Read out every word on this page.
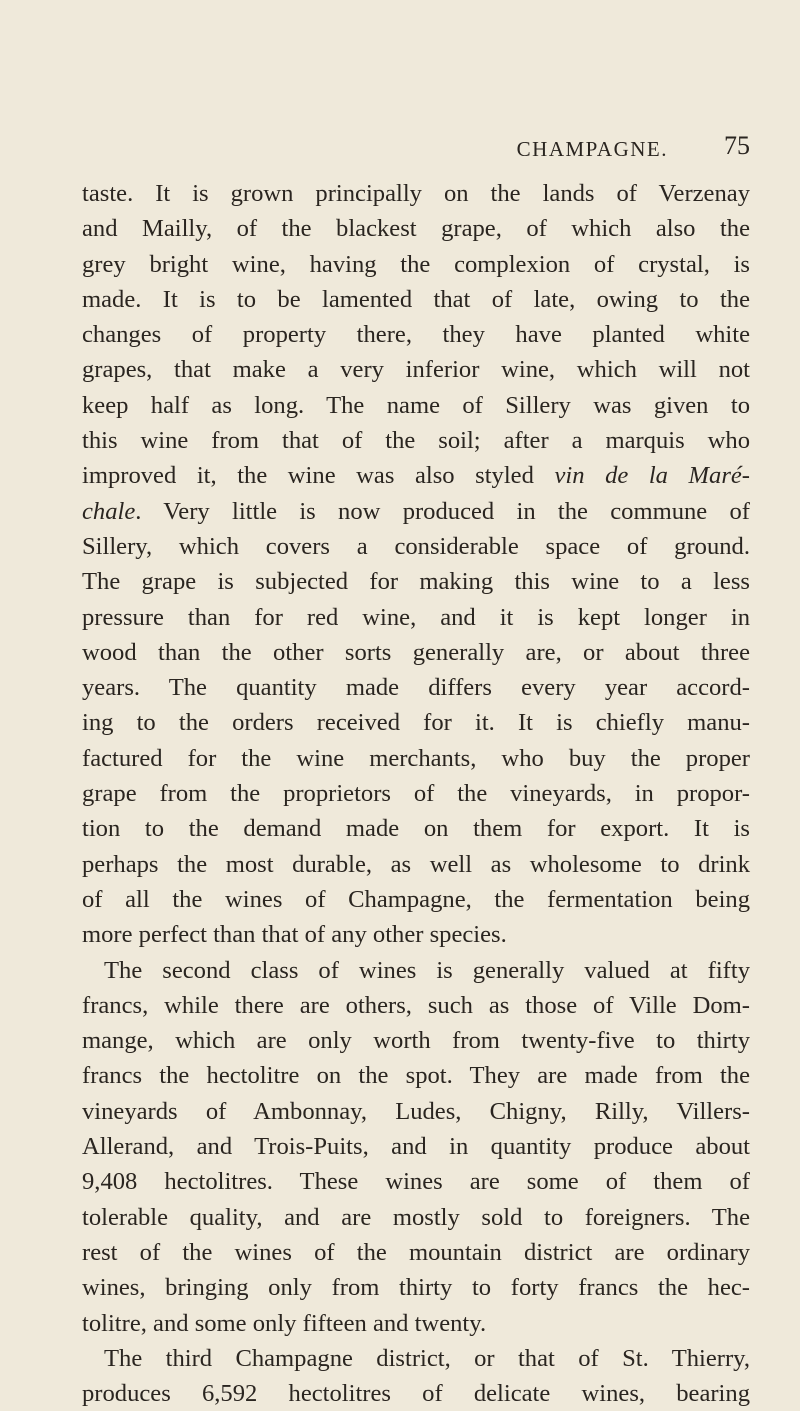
CHAMPAGNE.	75
taste. It is grown principally on the lands of Verzenay
and Mailly, of the blackest grape, of which also the
grey bright wine, having the complexion of crystal, is
made. It is to be lamented that of late, owing to the
changes of property there, they have planted white
grapes, that make a very inferior wine, which will not
keep half as long. The name of Sillery was given to
this wine from that of the soil; after a marquis who
improved it, the wine was also styled vin de la Maré-
chale. Very little is now produced in the commune of
Sillery, which covers a considerable space of ground.
The grape is subjected for making this wine to a less
pressure than for red wine, and it is kept longer in
wood than the other sorts generally are, or about three
years. The quantity made differs every year accord-
ing to the orders received for it. It is chiefly manu-
factured for the wine merchants, who buy the proper
grape from the proprietors of the vineyards, in propor-
tion to the demand made on them for export. It is
perhaps the most durable, as well as wholesome to drink
of all the wines of Champagne, the fermentation being
more perfect than that of any other species.
The second class of wines is generally valued at fifty
francs, while there are others, such as those of Ville Dom-
mange, which are only worth from twenty-five to thirty
francs the hectolitre on the spot. They are made from the
vineyards of Ambonnay, Ludes, Chigny, Rilly, Villers-
Allerand, and Trois-Puits, and in quantity produce about
9,408 hectolitres. These wines are some of them of
tolerable quality, and are mostly sold to foreigners. The
rest of the wines of the mountain district are ordinary
wines, bringing only from thirty to forty francs the hec-
tolitre, and some only fifteen and twenty.
The third Champagne district, or that of St. Thierry,
produces 6,592 hectolitres of delicate wines, bearing
